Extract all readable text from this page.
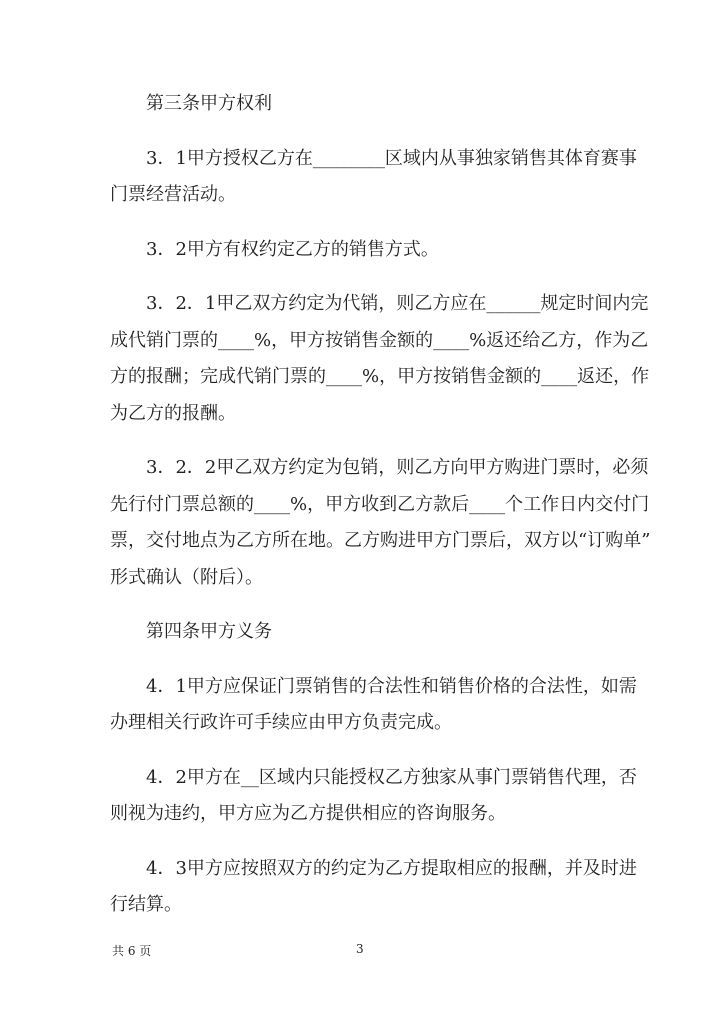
第三条甲方权利
3．1甲方授权乙方在________区域内从事独家销售其体育赛事
门票经营活动。
3．2甲方有权约定乙方的销售方式。
3．2．1甲乙双方约定为代销，则乙方应在______规定时间内完
成代销门票的____%，甲方按销售金额的____%返还给乙方，作为乙
方的报酬；完成代销门票的____%，甲方按销售金额的____返还，作
为乙方的报酬。
3．2．2甲乙双方约定为包销，则乙方向甲方购进门票时，必须
先行付门票总额的____%，甲方收到乙方款后____个工作日内交付门
票，交付地点为乙方所在地。乙方购进甲方门票后，双方以“订购单”
形式确认（附后）。
第四条甲方义务
4．1甲方应保证门票销售的合法性和销售价格的合法性，如需
办理相关行政许可手续应由甲方负责完成。
4．2甲方在__区域内只能授权乙方独家从事门票销售代理，否
则视为违约，甲方应为乙方提供相应的咨询服务。
4．3甲方应按照双方的约定为乙方提取相应的报酬，并及时进
行结算。
共 6 页	3
